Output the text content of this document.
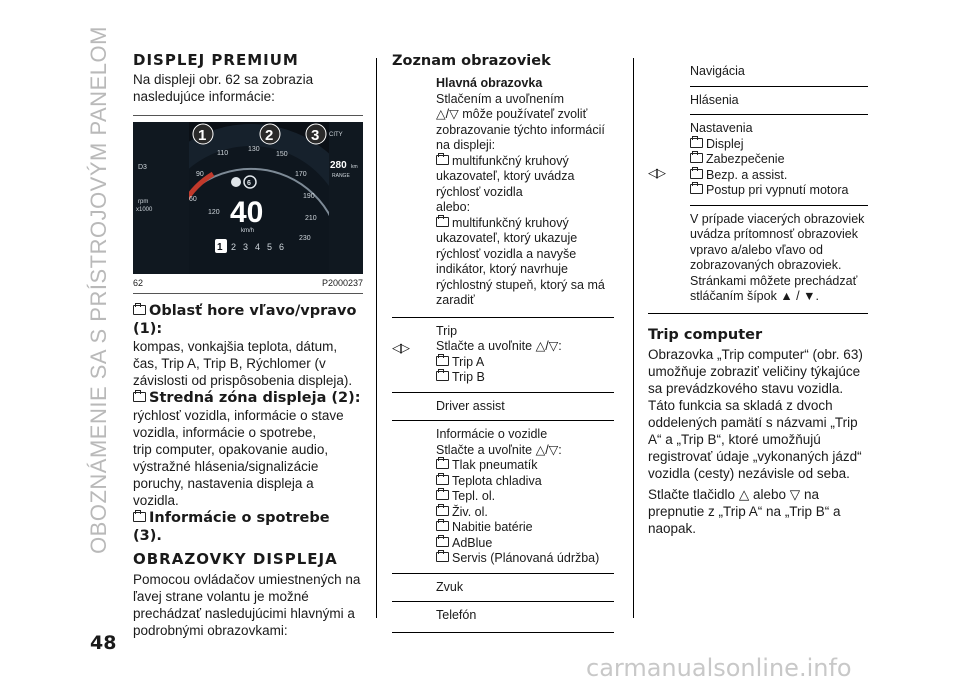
OBOZNÁMENIE SA S PRÍSTROJOVÝM PANELOM
48
carmanualsonline.info
DISPLEJ PREMIUM

Na displeji obr. 62 sa zobrazia nasledujúce informácie:

110
90
60
130
150
170
190
210
230
40
km/h
120
6
1 2 3 4 5 6
D3
rpm
x1000
CITY
280 km
RANGE
1	2	3
62	P2000237
Oblasť hore vľavo/vpravo (1):

kompas, vonkajšia teplota, dátum, čas, Trip A, Trip B, Rýchlomer (v závislosti od prispôsobenia displeja).

Stredná zóna displeja (2):

rýchlosť vozidla, informácie o stave vozidla, informácie o spotrebe,

trip computer, opakovanie audio, výstražné hlásenia/signalizácie poruchy, nastavenia displeja a vozidla.

Informácie o spotrebe (3).
OBRAZOVKY DISPLEJA

Pomocou ovládačov umiestnených na ľavej strane volantu je možné prechádzať nasledujúcimi hlavnými a podrobnými obrazovkami:

Zoznam obrazoviek
Hlavná obrazovka
Stlačením a uvoľnením
△/▽ môže používateľ zvoliť zobrazovanie týchto informácií na displeji:
multifunkčný kruhový ukazovateľ, ktorý uvádza rýchlosť vozidla
alebo:
multifunkčný kruhový ukazovateľ, ktorý ukazuje rýchlosť vozidla a navyše indikátor, ktorý navrhuje rýchlostný stupeň, ktorý sa má zaradiť
◁▷
Trip
Stlačte a uvoľnite △/▽:
Trip A
Trip B
Driver assist
Informácie o vozidle
Stlačte a uvoľnite △/▽:
Tlak pneumatík
Teplota chladiva
Tepl. ol.
Živ. ol.
Nabitie batérie
AdBlue
Servis (Plánovaná údržba)
Zvuk
Telefón
Navigácia
Hlásenia
◁▷
Nastavenia
Displej
Zabezpečenie
Bezp. a assist.
Postup pri vypnutí motora
V prípade viacerých obrazoviek uvádza prítomnosť obrazoviek vpravo a/alebo vľavo od zobrazovaných obrazoviek. Stránkami môžete prechádzať stláčaním šípok ▲ / ▼.
Trip computer

Obrazovka „Trip computer“ (obr. 63) umožňuje zobraziť veličiny týkajúce sa prevádzkového stavu vozidla. Táto funkcia sa skladá z dvoch oddelených pamätí s názvami „Trip A“ a „Trip B“, ktoré umožňujú registrovať údaje „vykonaných jázd“ vozidla (cesty) nezávisle od seba.

Stlačte tlačidlo △ alebo ▽ na prepnutie z „Trip A“ na „Trip B“ a naopak.
